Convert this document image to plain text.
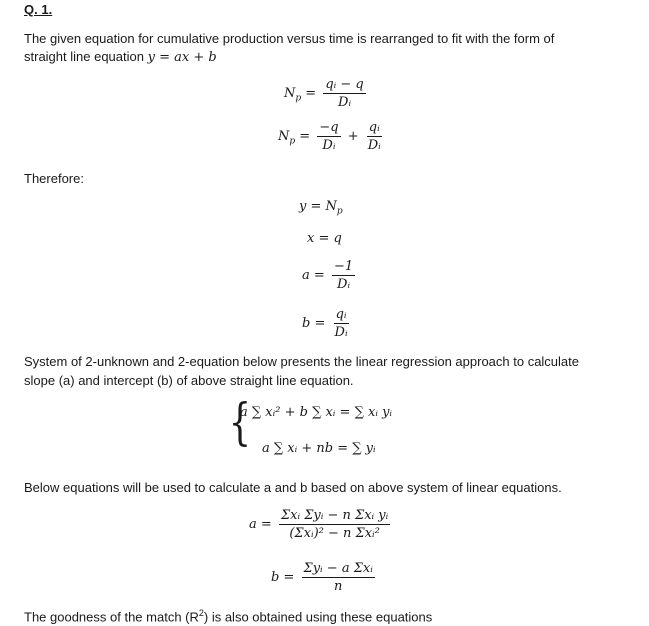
Q. 1.
The given equation for cumulative production versus time is rearranged to fit with the form of
straight line equation y = ax + b
$N_p = \frac{\text{qᵢ − q}}{\text{Dᵢ}}$
$N_p = \frac{-q}{\text{Dᵢ}} + \frac{\text{qᵢ}}{\text{Dᵢ}}$
Therefore:
$y = N_p$
x = q
$a = \frac{-1}{\text{Dᵢ}}$
$b = \frac{\text{qᵢ}}{\text{Dᵢ}}$
System of 2-unknown and 2-equation below presents the linear regression approach to calculate
slope (a) and intercept (b) of above straight line equation.
{
a ∑ xᵢ² + b ∑ xᵢ = ∑ xᵢ yᵢ
a ∑ xᵢ + nb = ∑ yᵢ
Below equations will be used to calculate a and b based on above system of linear equations.
$a = \frac{\text{Σxᵢ Σyᵢ − n Σxᵢ yᵢ}}{\text{(Σxᵢ)² − n Σxᵢ²}}$
$b = \frac{\text{Σyᵢ − a Σxᵢ}}{n}$
The goodness of the match $(R^2)$ is also obtained using these equations
